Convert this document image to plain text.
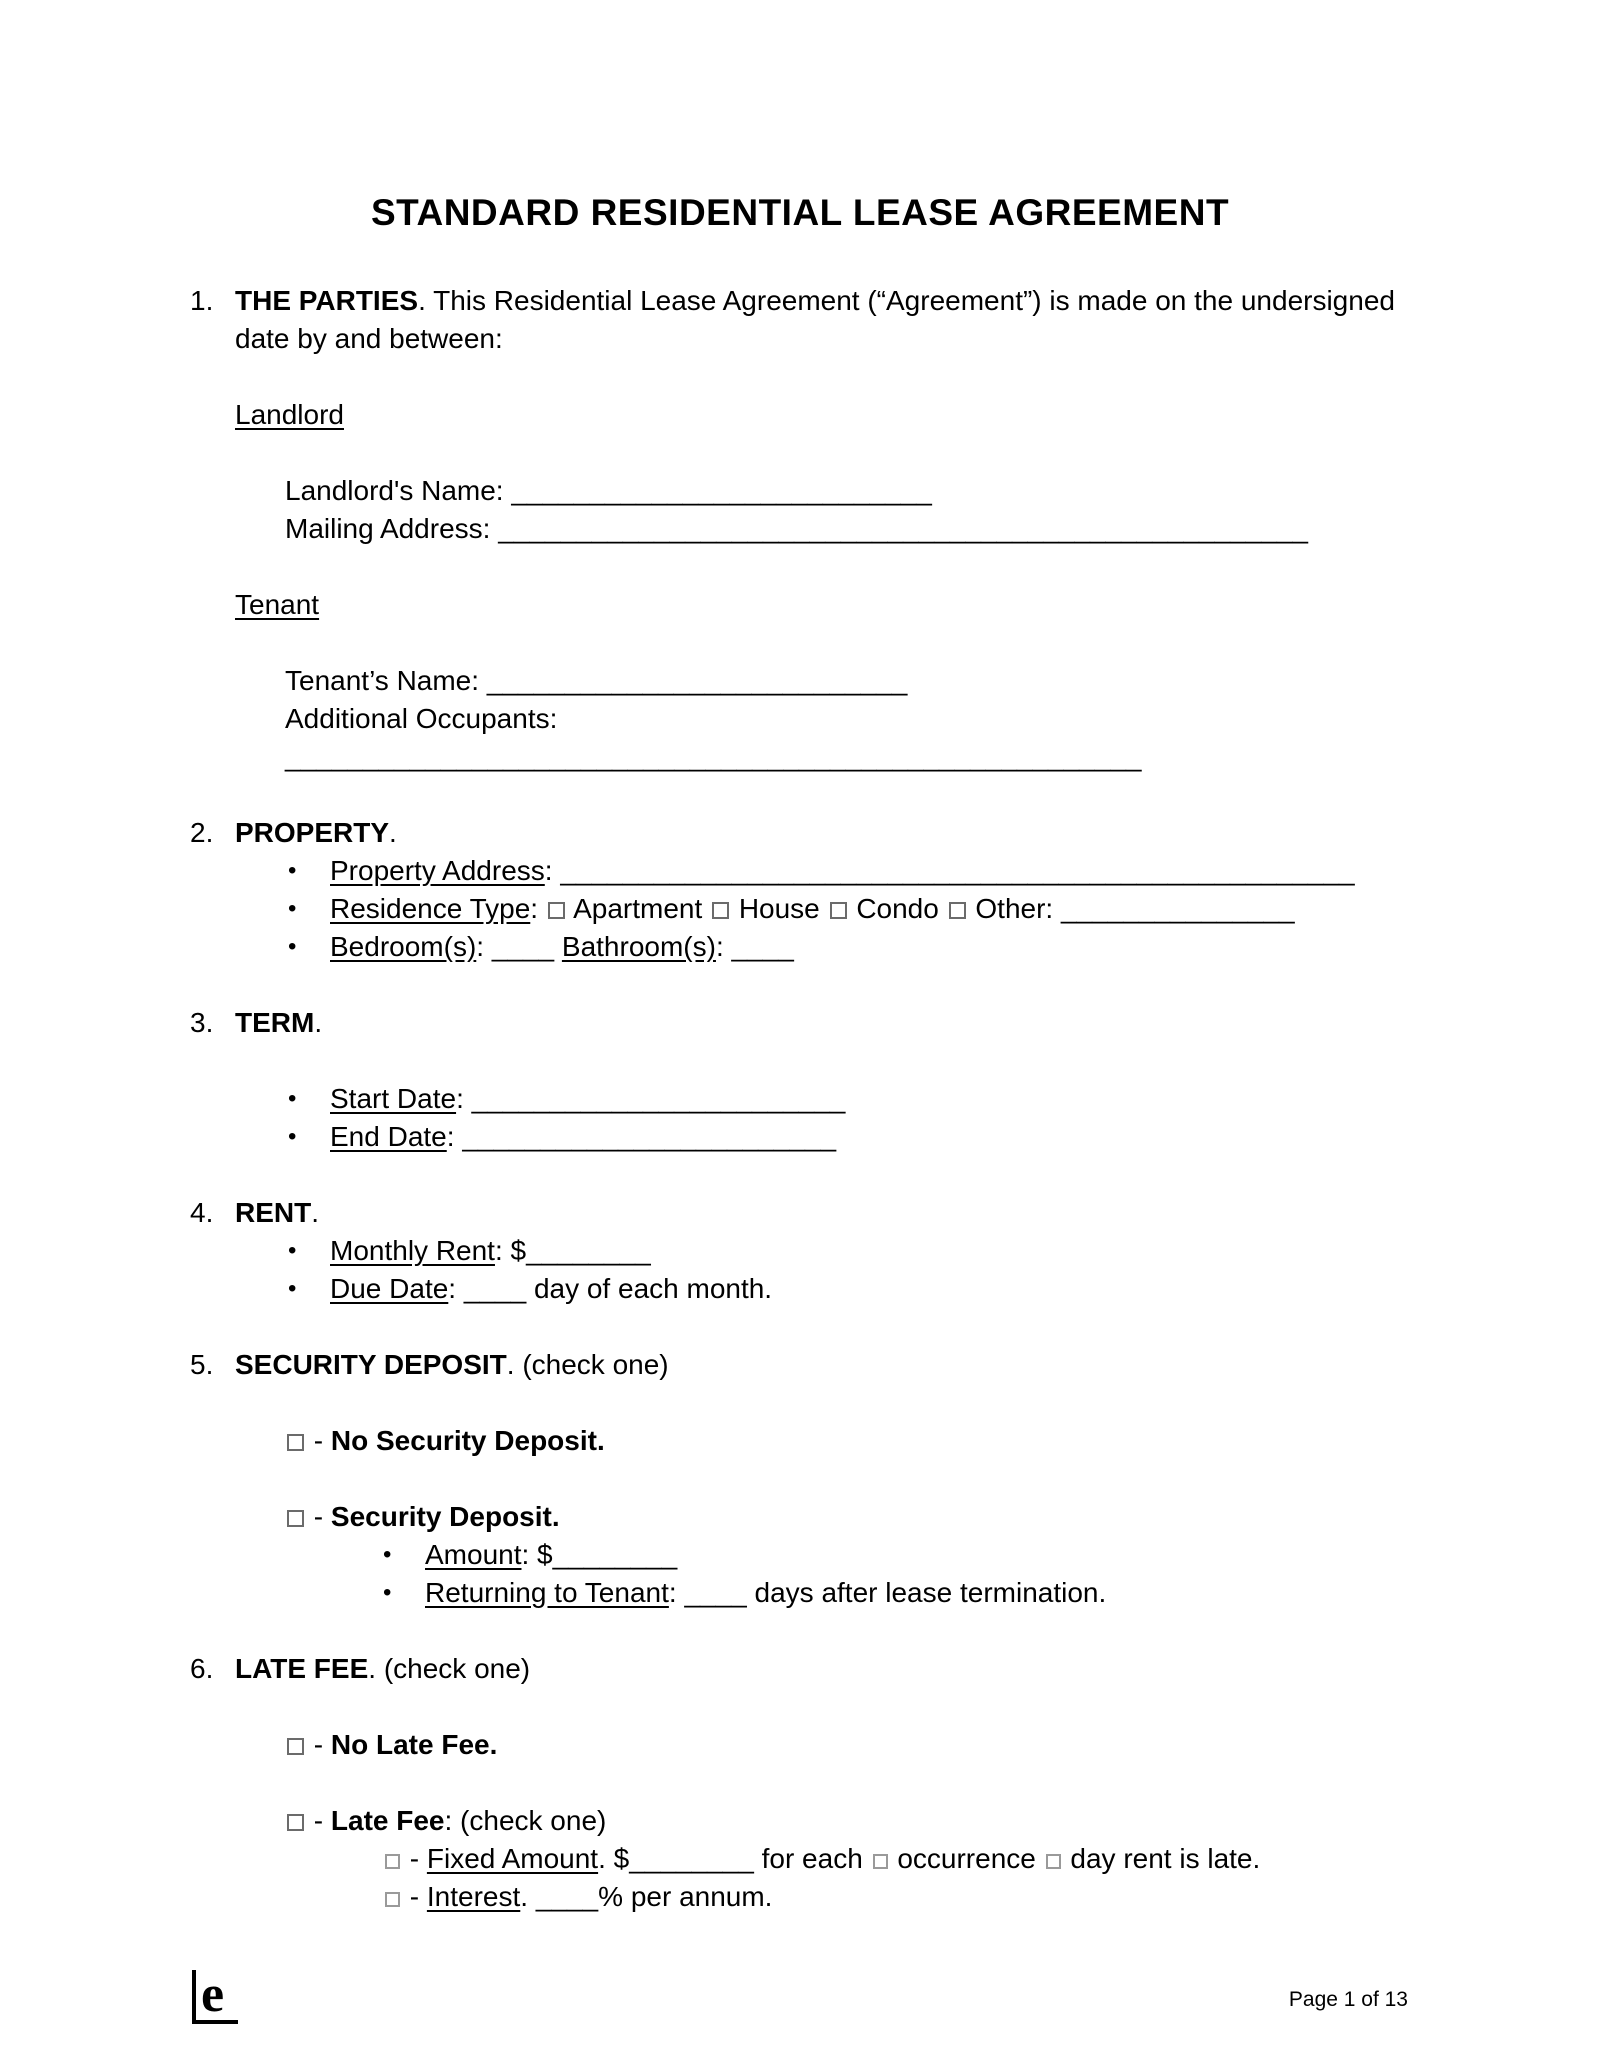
STANDARD RESIDENTIAL LEASE AGREEMENT
1. THE PARTIES. This Residential Lease Agreement (“Agreement”) is made on the undersigned date by and between:
Landlord
Landlord's Name: ___________________________
Mailing Address: ____________________________________________________
Tenant
Tenant’s Name: ___________________________
Additional Occupants: _______________________________________________________
2. PROPERTY.
•	Property Address: ___________________________________________________
•	Residence Type: Apartment House Condo Other: _______________
•	Bedroom(s): ____ Bathroom(s): ____
3. TERM.
•	Start Date: ________________________
•	End Date: ________________________
4. RENT.
•	Monthly Rent: $________
•	Due Date: ____ day of each month.
5. SECURITY DEPOSIT. (check one)
- No Security Deposit.
- Security Deposit.
•	Amount: $________
•	Returning to Tenant: ____ days after lease termination.
6. LATE FEE. (check one)
- No Late Fee.
- Late Fee: (check one)
- Fixed Amount. $________ for each occurrence day rent is late.
- Interest. ____% per annum.
e	Page 1 of 13
